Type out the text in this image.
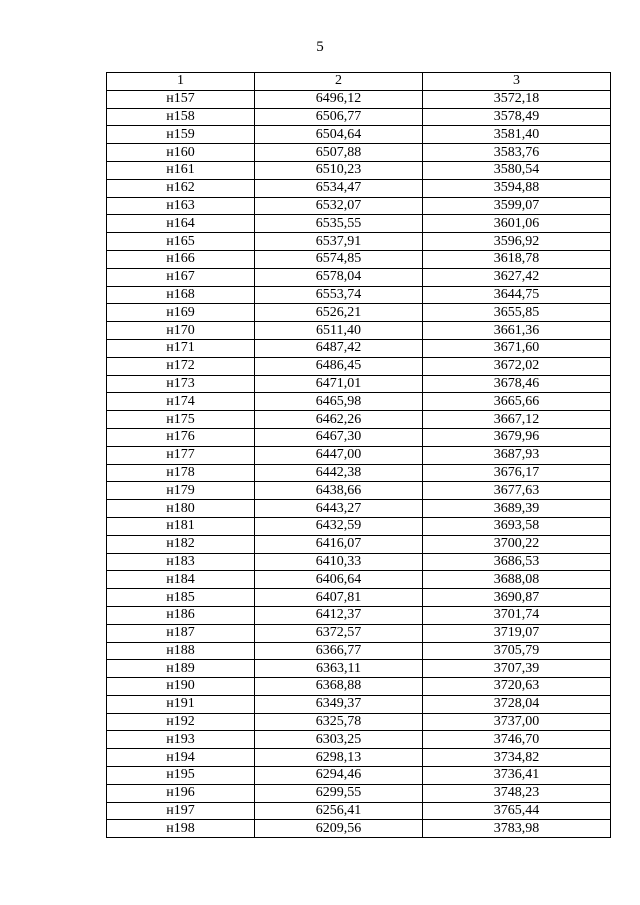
5
1	2	3
н157	6496,12	3572,18
н158	6506,77	3578,49
н159	6504,64	3581,40
н160	6507,88	3583,76
н161	6510,23	3580,54
н162	6534,47	3594,88
н163	6532,07	3599,07
н164	6535,55	3601,06
н165	6537,91	3596,92
н166	6574,85	3618,78
н167	6578,04	3627,42
н168	6553,74	3644,75
н169	6526,21	3655,85
н170	6511,40	3661,36
н171	6487,42	3671,60
н172	6486,45	3672,02
н173	6471,01	3678,46
н174	6465,98	3665,66
н175	6462,26	3667,12
н176	6467,30	3679,96
н177	6447,00	3687,93
н178	6442,38	3676,17
н179	6438,66	3677,63
н180	6443,27	3689,39
н181	6432,59	3693,58
н182	6416,07	3700,22
н183	6410,33	3686,53
н184	6406,64	3688,08
н185	6407,81	3690,87
н186	6412,37	3701,74
н187	6372,57	3719,07
н188	6366,77	3705,79
н189	6363,11	3707,39
н190	6368,88	3720,63
н191	6349,37	3728,04
н192	6325,78	3737,00
н193	6303,25	3746,70
н194	6298,13	3734,82
н195	6294,46	3736,41
н196	6299,55	3748,23
н197	6256,41	3765,44
н198	6209,56	3783,98
